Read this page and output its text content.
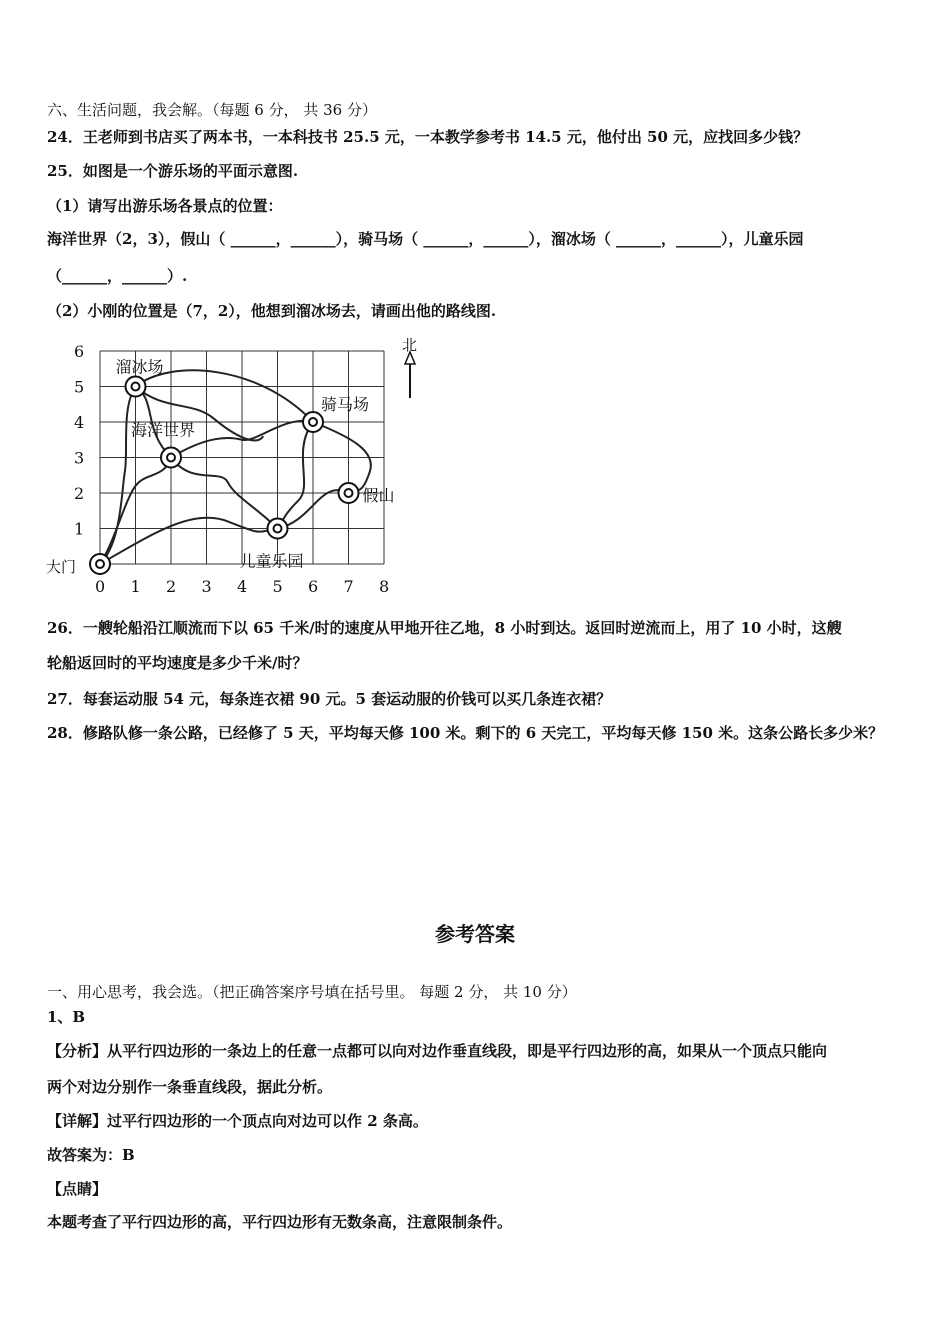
六、生活问题，我会解。（每题 6 分， 共 36 分）
24．王老师到书店买了两本书，一本科技书 25.5 元，一本教学参考书 14.5 元，他付出 50 元，应找回多少钱？
25．如图是一个游乐场的平面示意图.
（1）请写出游乐场各景点的位置：
海洋世界（2，3），假山（ ______，______），骑马场（ ______，______），溜冰场（ ______，______），儿童乐园
（______，______）.
（2）小刚的位置是（7，2），他想到溜冰场去，请画出他的路线图.
0 1 2 3 4 5 6 7 8
1
2
3
4
5
6
溜冰场
骑马场
海洋世界
假山
儿童乐园
北
大门
26．一艘轮船沿江顺流而下以 65 千米/时的速度从甲地开往乙地，8 小时到达。返回时逆流而上，用了 10 小时，这艘
轮船返回时的平均速度是多少千米/时？
27．每套运动服 54 元，每条连衣裙 90 元。5 套运动服的价钱可以买几条连衣裙？
28．修路队修一条公路，已经修了 5 天，平均每天修 100 米。剩下的 6 天完工，平均每天修 150 米。这条公路长多少米？
参考答案
一、用心思考，我会选。（把正确答案序号填在括号里。 每题 2 分， 共 10 分）
1、B
【分析】从平行四边形的一条边上的任意一点都可以向对边作垂直线段，即是平行四边形的高，如果从一个顶点只能向
两个对边分别作一条垂直线段，据此分析。
【详解】过平行四边形的一个顶点向对边可以作 2 条高。
故答案为：B
【点睛】
本题考查了平行四边形的高，平行四边形有无数条高，注意限制条件。
